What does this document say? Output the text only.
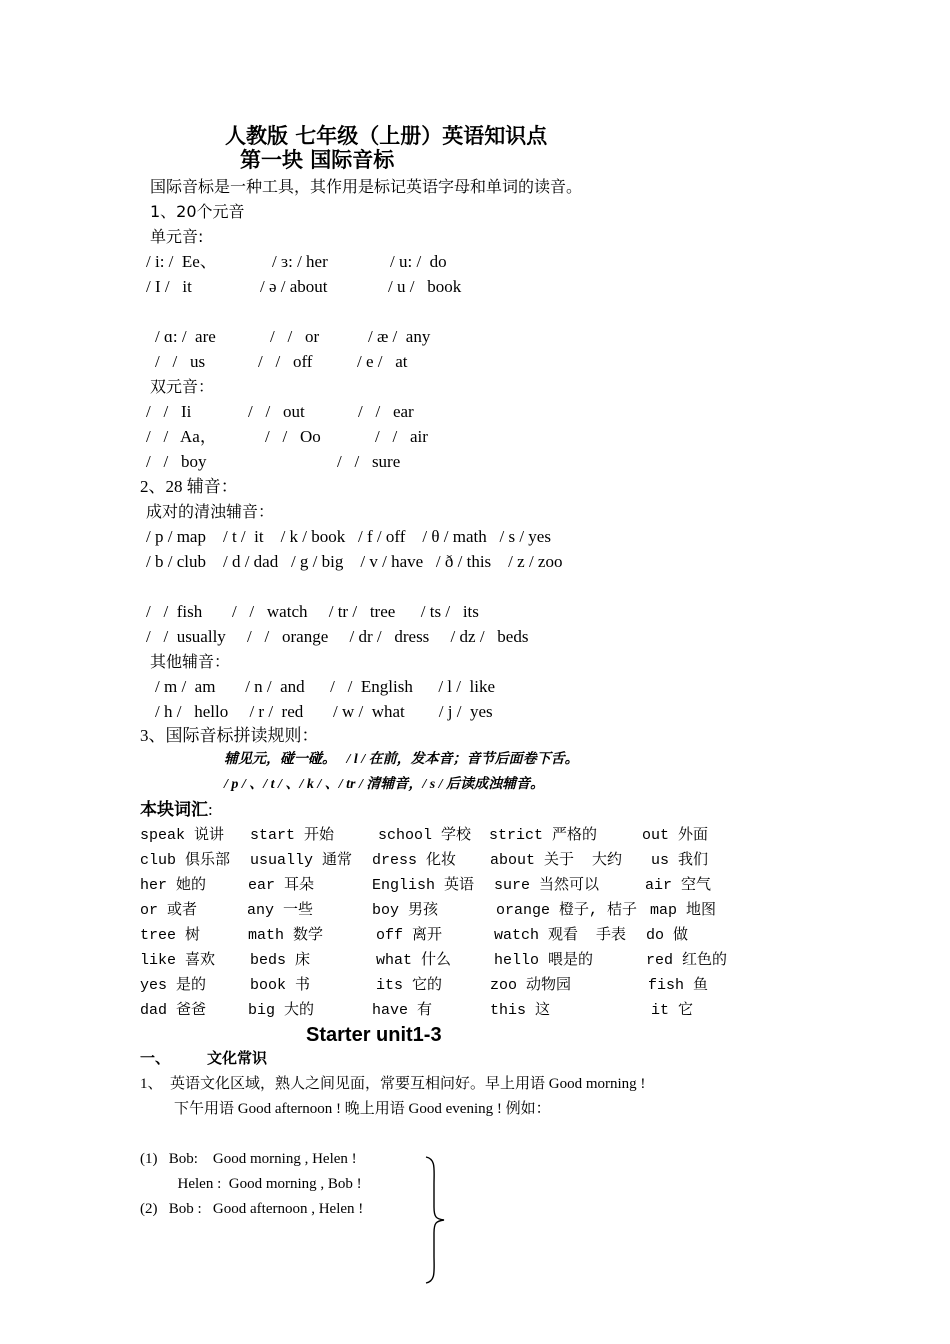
人教版 七年级（上册）英语知识点
第一块 国际音标
国际音标是一种工具，其作用是标记英语字母和单词的读音。
1、20个元音
单元音:
/ i: /  Ee、	/ ɜ: / her	/ u: /  do
/ I /   it	/ ə / about	/ u /   book
/ ɑ: /  are	/   /   or	/ æ /  any
/   /   us	/   /   off	/ e /   at
双元音：
/   /   Ii	/   /   out	/   /   ear
/   /   Aa，	/   /   Oo	/   /   air
/   /   boy	/   /   sure
2、28 辅音：
成对的清浊辅音：
/ p / map    / t /  it    / k / book   / f / off    / θ / math   / s / yes
/ b / club    / d / dad   / g / big    / v / have   / ð / this    / z / zoo
/   /  fish       /   /   watch     / tr /   tree      / ts /   its
/   /  usually     /   /   orange     / dr /   dress     / dz /   beds
其他辅音：
/ m /  am       / n /  and      /   /  English      / l /  like
/ h /   hello     / r /  red       / w /  what        / j /  yes
3、国际音标拼读规则：
辅见元，碰一碰。   / l / 在前，发本音；音节后面卷下舌。
/ p / 、/ t / 、/ k / 、/ tr / 清辅音，/ s / 后读成浊辅音。
本块词汇:
speak 说讲 start 开始	school 学校 strict 严格的	out 外面
club 俱乐部 usually 通常 dress 化妆 about 关于  大约 us 我们
her 她的	ear 耳朵	English 英语 sure 当然可以	air 空气
or 或者	any 一些	boy 男孩	orange 橙子, 桔子 map 地图
tree 树	math 数学	off 离开	watch 观看  手表 do 做
like 喜欢 beds 床	what 什么	hello 喂是的	red 红色的
yes 是的	book 书	its 它的	zoo 动物园	fish 鱼
dad 爸爸	big 大的	have 有	this 这	it 它
Starter unit1-3
一、 文化常识
1、 英语文化区域，熟人之间见面，常要互相问好。早上用语 Good morning !
下午用语 Good afternoon ! 晚上用语 Good evening ! 例如：
(1)   Bob:    Good morning , Helen !
Helen :  Good morning , Bob !
(2)   Bob :   Good afternoon , Helen !
